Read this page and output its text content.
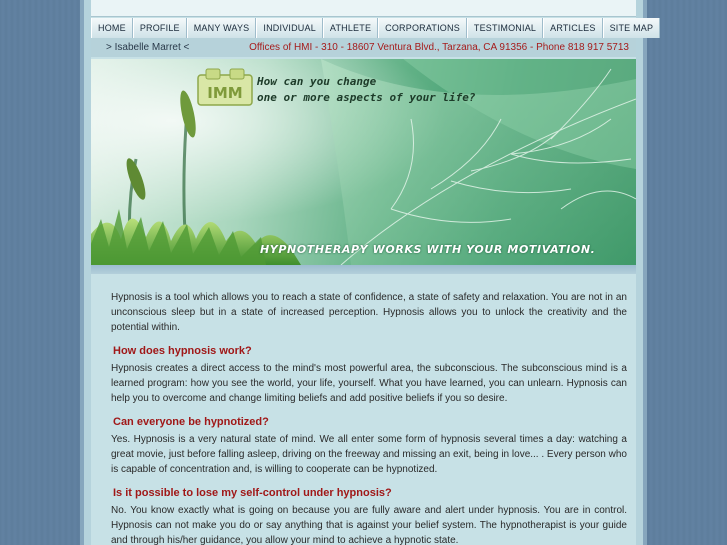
HOME	PROFILE	MANY WAYS	INDIVIDUAL	ATHLETE	CORPORATIONS	TESTIMONIAL	ARTICLES	SITE MAP
> Isabelle Marret <	Offices of HMI - 310 - 18607 Ventura Blvd., Tarzana, CA 91356 - Phone 818 917 5713
IMM
How can you change
one or more aspects of your life?
HYPNOTHERAPY WORKS WITH YOUR MOTIVATION.

Hypnosis is a tool which allows you to reach a state of confidence, a state of safety and relaxation. You are not in an unconscious sleep but in a state of increased perception. Hypnosis allows you to unlock the creativity and the potential within.

How does hypnosis work?

Hypnosis creates a direct access to the mind's most powerful area, the subconscious. The subconscious mind is a learned program: how you see the world, your life, yourself. What you have learned, you can unlearn. Hypnosis can help you to overcome and change limiting beliefs and add positive beliefs if you so desire.

Can everyone be hypnotized?

Yes. Hypnosis is a very natural state of mind. We all enter some form of hypnosis several times a day: watching a great movie, just before falling asleep, driving on the freeway and missing an exit, being in love... . Every person who is capable of concentration and, is willing to cooperate can be hypnotized.

Is it possible to lose my self-control under hypnosis?

No. You know exactly what is going on because you are fully aware and alert under hypnosis. You are in control. Hypnosis can not make you do or say anything that is against your belief system. The hypnotherapist is your guide and through his/her guidance, you allow your mind to achieve a hypnotic state.
